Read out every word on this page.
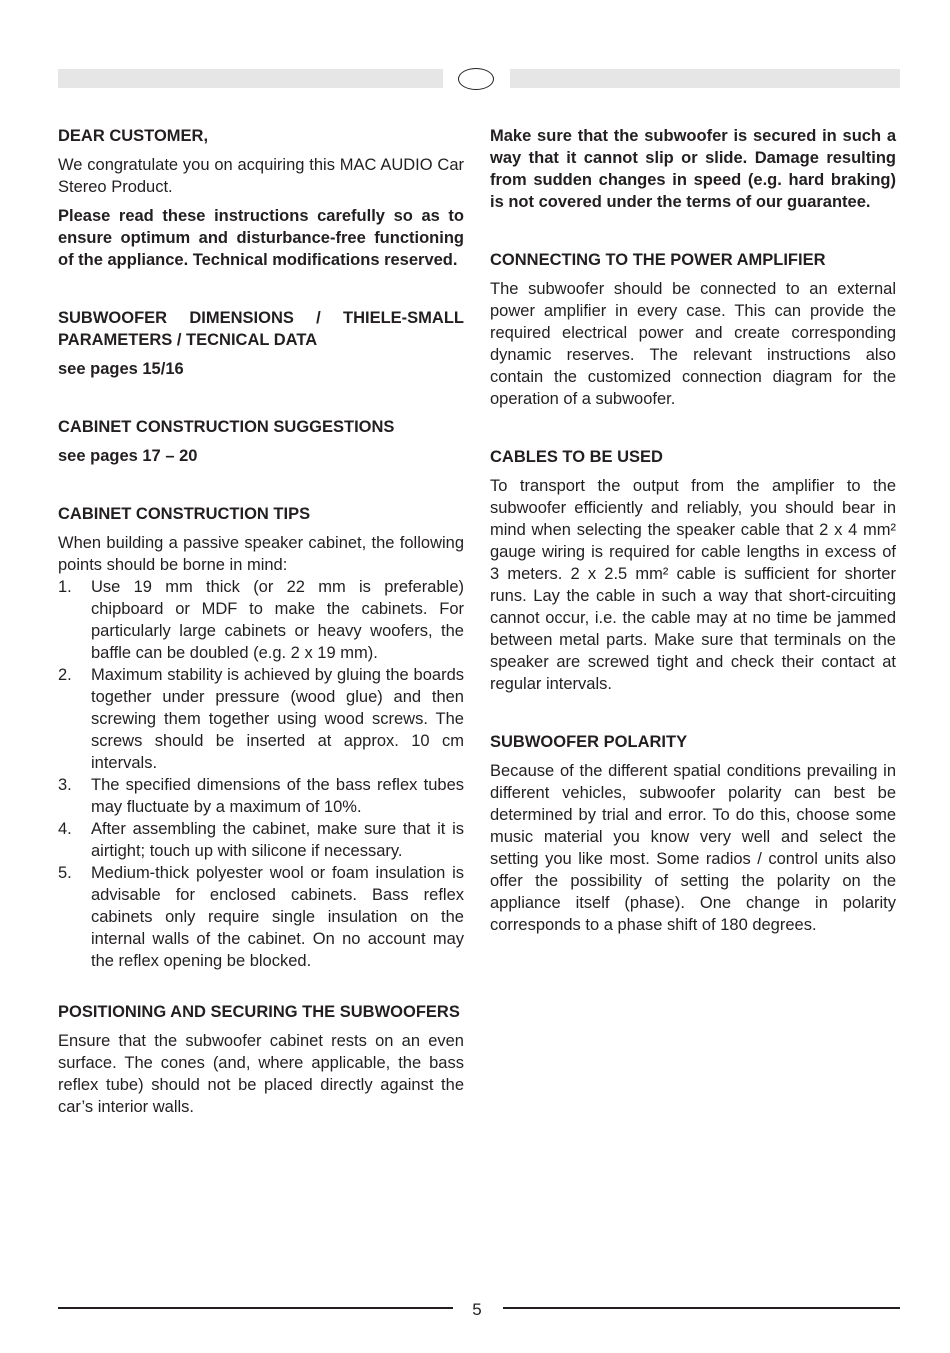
DEAR CUSTOMER,

We congratulate you on acquiring this MAC AUDIO Car Stereo Product.

Please read these instructions carefully so as to ensure optimum and disturbance-free functioning of the appliance. Technical modifications reserved.

SUBWOOFER DIMENSIONS / THIELE-SMALL PARAMETERS / TECNICAL DATA

see pages 15/16

CABINET CONSTRUCTION SUGGESTIONS

see pages 17 – 20

CABINET CONSTRUCTION TIPS

When building a passive speaker cabinet, the following points should be borne in mind:

1. Use 19 mm thick (or 22 mm is preferable) chipboard or MDF to make the cabinets. For particularly large cabinets or heavy woofers, the baffle can be doubled (e.g. 2 x 19 mm).
2. Maximum stability is achieved by gluing the boards together under pressure (wood glue) and then screwing them together using wood screws. The screws should be inserted at approx. 10 cm intervals.
3. The specified dimensions of the bass reflex tubes may fluctuate by a maximum of 10%.
4. After assembling the cabinet, make sure that it is airtight; touch up with silicone if necessary.
5. Medium-thick polyester wool or foam insulation is advisable for enclosed cabinets. Bass reflex cabinets only require single insulation on the internal walls of the cabinet. On no account may the reflex opening be blocked.
POSITIONING AND SECURING THE SUBWOOFERS

Ensure that the subwoofer cabinet rests on an even surface. The cones (and, where applicable, the bass reflex tube) should not be placed directly against the car’s interior walls.

Make sure that the subwoofer is secured in such a way that it cannot slip or slide. Damage resulting from sudden changes in speed (e.g. hard braking) is not covered under the terms of our guarantee.

CONNECTING TO THE POWER AMPLIFIER

The subwoofer should be connected to an external power amplifier in every case. This can provide the required electrical power and create corresponding dynamic reserves. The relevant instructions also contain the customized connection diagram for the operation of a subwoofer.

CABLES TO BE USED

To transport the output from the amplifier to the subwoofer efficiently and reliably, you should bear in mind when selecting the speaker cable that 2 x 4 mm² gauge wiring is required for cable lengths in excess of 3 meters. 2 x 2.5 mm² cable is sufficient for shorter runs. Lay the cable in such a way that short-circuiting cannot occur, i.e. the cable may at no time be jammed between metal parts. Make sure that terminals on the speaker are screwed tight and check their contact at regular intervals.

SUBWOOFER POLARITY

Because of the different spatial conditions prevailing in different vehicles, subwoofer polarity can best be determined by trial and error. To do this, choose some music material you know very well and select the setting you like most. Some radios / control units also offer the possibility of setting the polarity on the appliance itself (phase). One change in polarity corresponds to a phase shift of 180 degrees.

5
